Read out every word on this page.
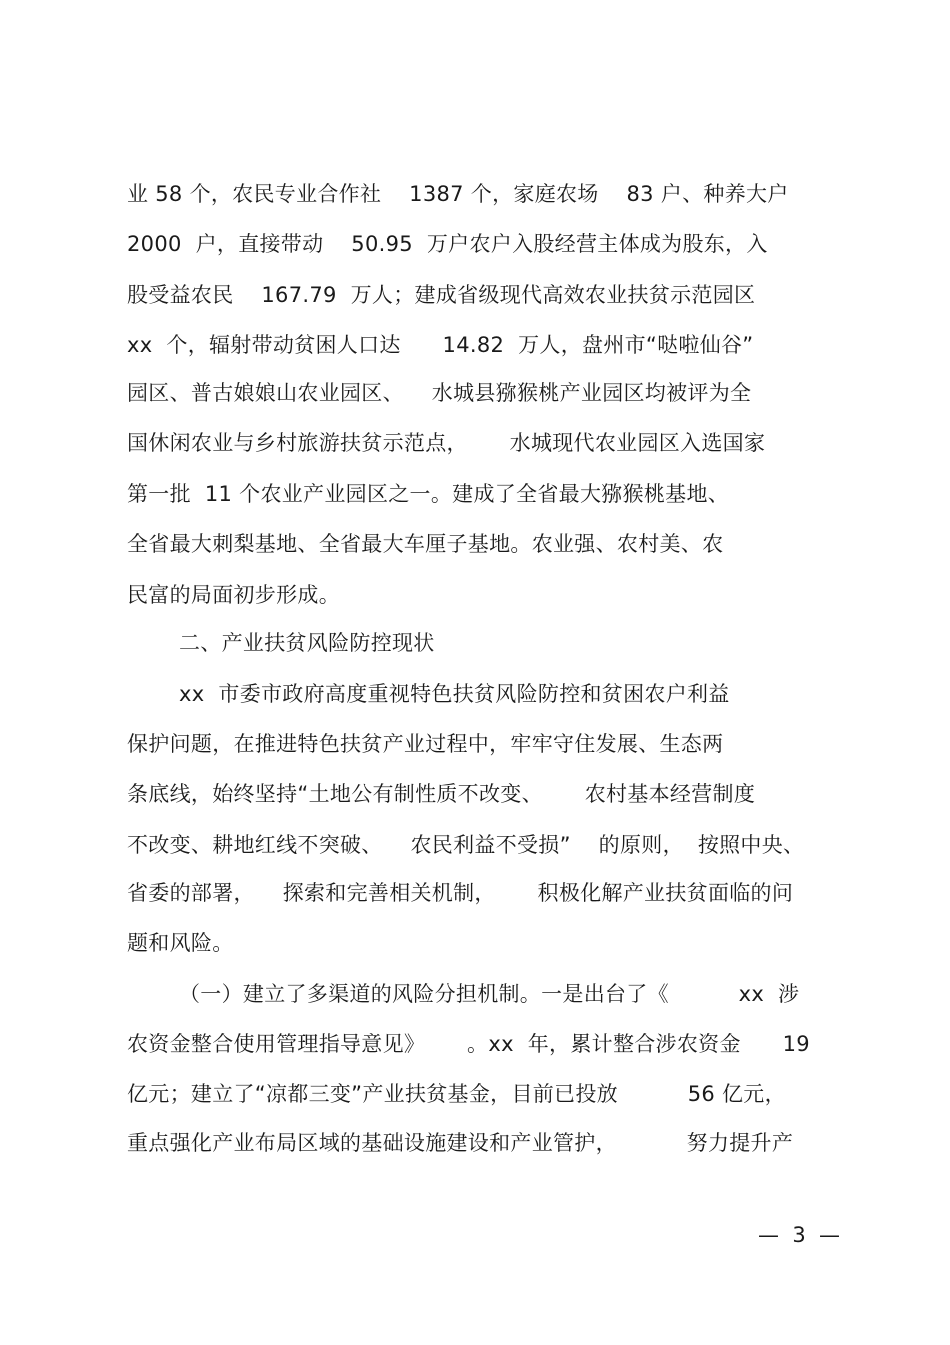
业 58 个，农民专业合作社    1387 个，家庭农场    83 户、种养大户
2000  户，直接带动    50.95  万户农户入股经营主体成为股东，入
股受益农民    167.79  万人；建成省级现代高效农业扶贫示范园区
xx  个，辐射带动贫困人口达      14.82  万人，盘州市“哒啦仙谷”
园区、普古娘娘山农业园区、    水城县猕猴桃产业园区均被评为全
国休闲农业与乡村旅游扶贫示范点，      水城现代农业园区入选国家
第一批  11 个农业产业园区之一。建成了全省最大猕猴桃基地、
全省最大刺梨基地、全省最大车厘子基地。农业强、农村美、农
民富的局面初步形成。
二、产业扶贫风险防控现状
xx  市委市政府高度重视特色扶贫风险防控和贫困农户利益
保护问题，在推进特色扶贫产业过程中，牢牢守住发展、生态两
条底线，始终坚持“土地公有制性质不改变、      农村基本经营制度
不改变、耕地红线不突破、    农民利益不受损”    的原则，  按照中央、
省委的部署，    探索和完善相关机制，      积极化解产业扶贫面临的问
题和风险。
（一）建立了多渠道的风险分担机制。一是出台了《          xx  涉
农资金整合使用管理指导意见》      。xx  年，累计整合涉农资金      19
亿元；建立了“凉都三变”产业扶贫基金，目前已投放          56 亿元，
重点强化产业布局区域的基础设施建设和产业管护，          努力提升产
—  3  —
